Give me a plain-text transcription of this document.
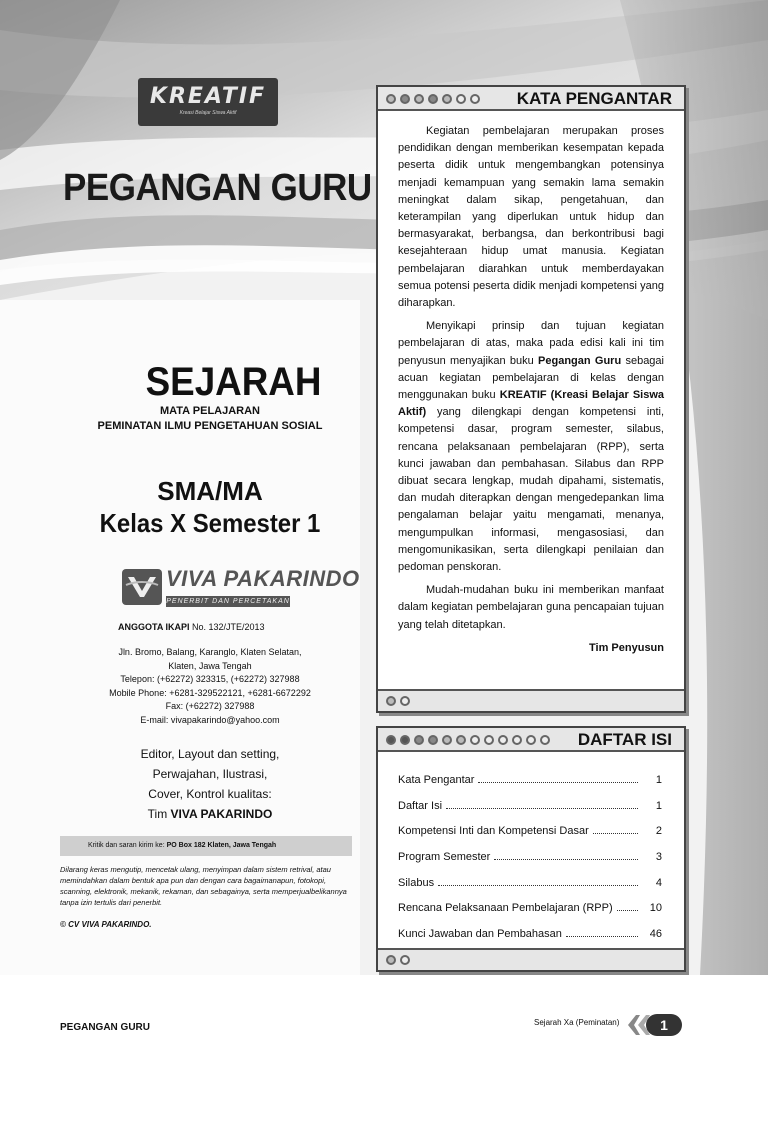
KREATIF
Kreasi Belajar Siswa Aktif
PEGANGAN GURU
SEJARAH
MATA PELAJARAN
PEMINATAN ILMU PENGETAHUAN SOSIAL
SMA/MA
Kelas X Semester 1
VIVA PAKARINDO
PENERBIT DAN PERCETAKAN
ANGGOTA IKAPI No. 132/JTE/2013
Jln. Bromo, Balang, Karanglo, Klaten Selatan,
Klaten, Jawa Tengah
Telepon: (+62272) 323315, (+62272) 327988
Mobile Phone: +6281-329522121, +6281-6672292
Fax: (+62272) 327988
E-mail: vivapakarindo@yahoo.com
Editor, Layout dan setting,
Perwajahan, Ilustrasi,
Cover, Kontrol kualitas:
Tim VIVA PAKARINDO
Kritik dan saran kirim ke: PO Box 182 Klaten, Jawa Tengah
Dilarang keras mengutip, mencetak ulang, menyimpan dalam sistem retrival, atau memindahkan dalam bentuk apa pun dan dengan cara bagaimanapun, fotokopi, scanning, elektronik, mekanik, rekaman, dan sebagainya, serta memperjualbelikannya tanpa izin tertulis dari penerbit.
© CV VIVA PAKARINDO.
KATA PENGANTAR

Kegiatan pembelajaran merupakan proses pendidikan dengan memberikan kesempatan kepada peserta didik untuk mengembangkan potensinya menjadi kemampuan yang semakin lama semakin meningkat dalam sikap, pengetahuan, dan keterampilan yang diperlukan untuk hidup dan bermasyarakat, berbangsa, dan berkontribusi bagi kesejahteraan hidup umat manusia. Kegiatan pembelajaran diarahkan untuk memberdayakan semua potensi peserta didik menjadi kompetensi yang diharapkan.

Menyikapi prinsip dan tujuan kegiatan pembelajaran di atas, maka pada edisi kali ini tim penyusun menyajikan buku Pegangan Guru sebagai acuan kegiatan pembelajaran di kelas dengan menggunakan buku KREATIF (Kreasi Belajar Siswa Aktif) yang dilengkapi dengan kompetensi inti, kompetensi dasar, program semester, silabus, rencana pelaksanaan pembelajaran (RPP), serta kunci jawaban dan pembahasan. Silabus dan RPP dibuat secara lengkap, mudah dipahami, sistematis, dan mudah diterapkan dengan mengedepankan lima pengalaman belajar yaitu mengamati, menanya, mengumpulkan informasi, mengasosiasi, dan mengomunikasikan, serta dilengkapi penilaian dan pedoman penskoran.

Mudah-mudahan buku ini memberikan manfaat dalam kegiatan pembelajaran guna pencapaian tujuan yang telah ditetapkan.

Tim Penyusun
DAFTAR ISI
Kata Pengantar	1
Daftar Isi	1
Kompetensi Inti dan Kompetensi Dasar	2
Program Semester	3
Silabus	4
Rencana Pelaksanaan Pembelajaran (RPP)	10
Kunci Jawaban dan Pembahasan	46
PEGANGAN GURU	Sejarah Xa (Peminatan)	1
